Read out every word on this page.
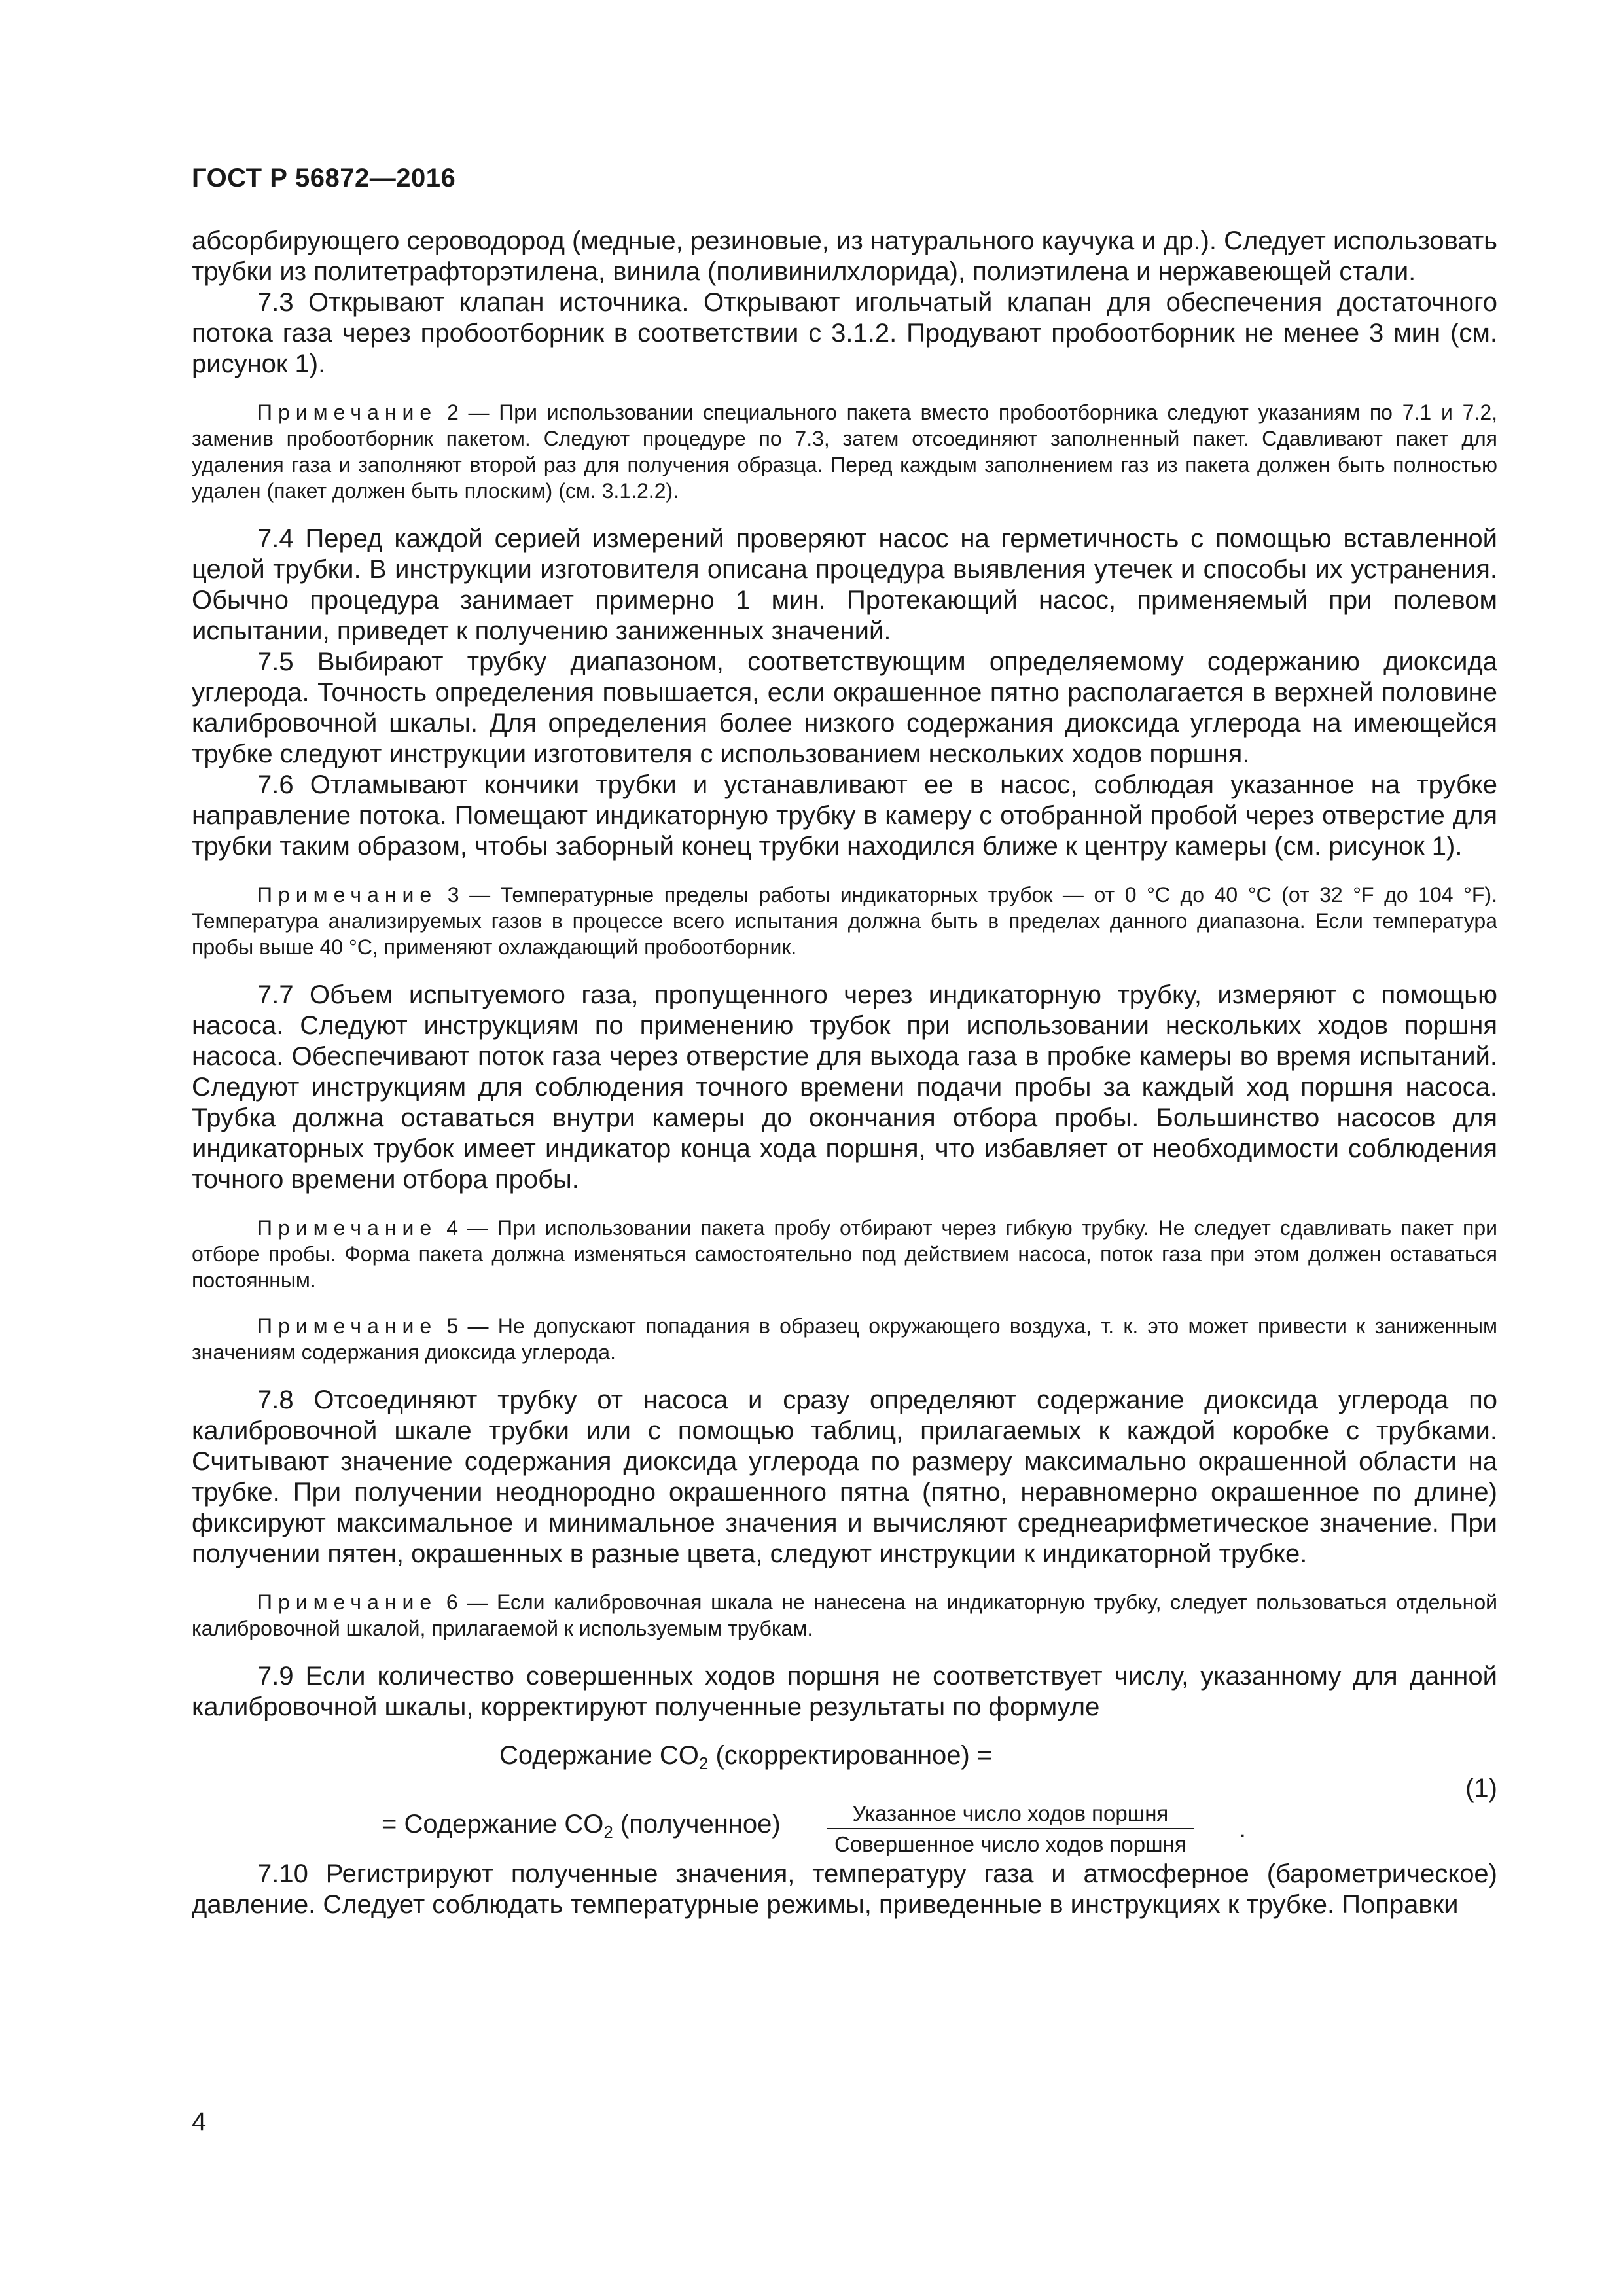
ГОСТ Р 56872—2016

абсорбирующего сероводород (медные, резиновые, из натурального каучука и др.). Следует использовать трубки из политетрафторэтилена, винила (поливинилхлорида), полиэтилена и нержавеющей стали.

7.3 Открывают клапан источника. Открывают игольчатый клапан для обеспечения достаточного потока газа через пробоотборник в соответствии с 3.1.2. Продувают пробоотборник не менее 3 мин (см. рисунок 1).

Примечание 2 — При использовании специального пакета вместо пробоотборника следуют указаниям по 7.1 и 7.2, заменив пробоотборник пакетом. Следуют процедуре по 7.3, затем отсоединяют заполненный пакет. Сдавливают пакет для удаления газа и заполняют второй раз для получения образца. Перед каждым заполнением газ из пакета должен быть полностью удален (пакет должен быть плоским) (см. 3.1.2.2).

7.4 Перед каждой серией измерений проверяют насос на герметичность с помощью вставленной целой трубки. В инструкции изготовителя описана процедура выявления утечек и способы их устранения. Обычно процедура занимает примерно 1 мин. Протекающий насос, применяемый при полевом испытании, приведет к получению заниженных значений.

7.5 Выбирают трубку диапазоном, соответствующим определяемому содержанию диоксида углерода. Точность определения повышается, если окрашенное пятно располагается в верхней половине калибровочной шкалы. Для определения более низкого содержания диоксида углерода на имеющейся трубке следуют инструкции изготовителя с использованием нескольких ходов поршня.

7.6 Отламывают кончики трубки и устанавливают ее в насос, соблюдая указанное на трубке направление потока. Помещают индикаторную трубку в камеру с отобранной пробой через отверстие для трубки таким образом, чтобы заборный конец трубки находился ближе к центру камеры (см. рисунок 1).

Примечание 3 — Температурные пределы работы индикаторных трубок — от 0 °С до 40 °С (от 32 °F до 104 °F). Температура анализируемых газов в процессе всего испытания должна быть в пределах данного диапазона. Если температура пробы выше 40 °С, применяют охлаждающий пробоотборник.

7.7 Объем испытуемого газа, пропущенного через индикаторную трубку, измеряют с помощью насоса. Следуют инструкциям по применению трубок при использовании нескольких ходов поршня насоса. Обеспечивают поток газа через отверстие для выхода газа в пробке камеры во время испытаний. Следуют инструкциям для соблюдения точного времени подачи пробы за каждый ход поршня насоса. Трубка должна оставаться внутри камеры до окончания отбора пробы. Большинство насосов для индикаторных трубок имеет индикатор конца хода поршня, что избавляет от необходимости соблюдения точного времени отбора пробы.

Примечание 4 — При использовании пакета пробу отбирают через гибкую трубку. Не следует сдавливать пакет при отборе пробы. Форма пакета должна изменяться самостоятельно под действием насоса, поток газа при этом должен оставаться постоянным.

Примечание 5 — Не допускают попадания в образец окружающего воздуха, т. к. это может привести к заниженным значениям содержания диоксида углерода.

7.8 Отсоединяют трубку от насоса и сразу определяют содержание диоксида углерода по калибровочной шкале трубки или с помощью таблиц, прилагаемых к каждой коробке с трубками. Считывают значение содержания диоксида углерода по размеру максимально окрашенной области на трубке. При получении неоднородно окрашенного пятна (пятно, неравномерно окрашенное по длине) фиксируют максимальное и минимальное значения и вычисляют среднеарифметическое значение. При получении пятен, окрашенных в разные цвета, следуют инструкции к индикаторной трубке.

Примечание 6 — Если калибровочная шкала не нанесена на индикаторную трубку, следует пользоваться отдельной калибровочной шкалой, прилагаемой к используемым трубкам.

7.9 Если количество совершенных ходов поршня не соответствует числу, указанному для данной калибровочной шкалы, корректируют полученные результаты по формуле

Содержание $CO_2$ (скорректированное) =
= Содержание $CO_2$ (полученное)	Указанное число ходов поршня
Совершенное число ходов поршня
.
(1)

7.10 Регистрируют полученные значения, температуру газа и атмосферное (барометрическое) давление. Следует соблюдать температурные режимы, приведенные в инструкциях к трубке. Поправки

4
